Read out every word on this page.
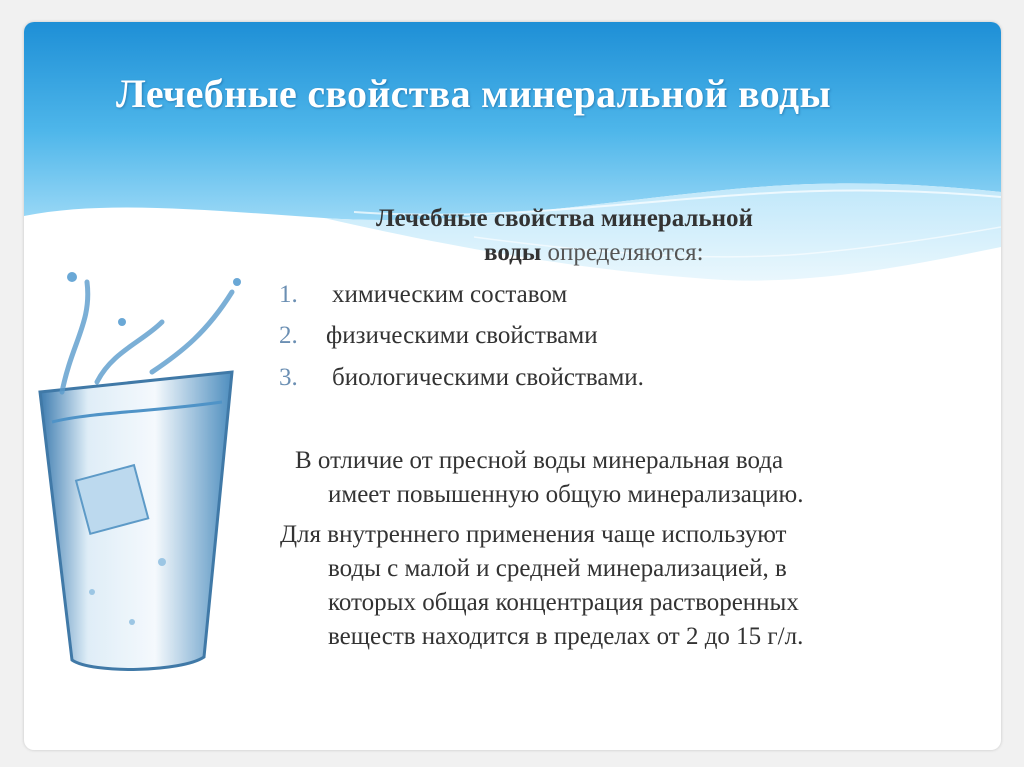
Лечебные свойства минеральной воды
Лечебные свойства минеральной
воды определяются:
1. химическим составом
2. физическими свойствами
3. биологическими свойствами.
В отличие от пресной воды минеральная вода
имеет повышенную общую минерализацию.
Для внутреннего применения чаще используют
воды с малой и средней минерализацией, в
которых общая концентрация растворенных
веществ находится в пределах от 2 до 15 г/л.
